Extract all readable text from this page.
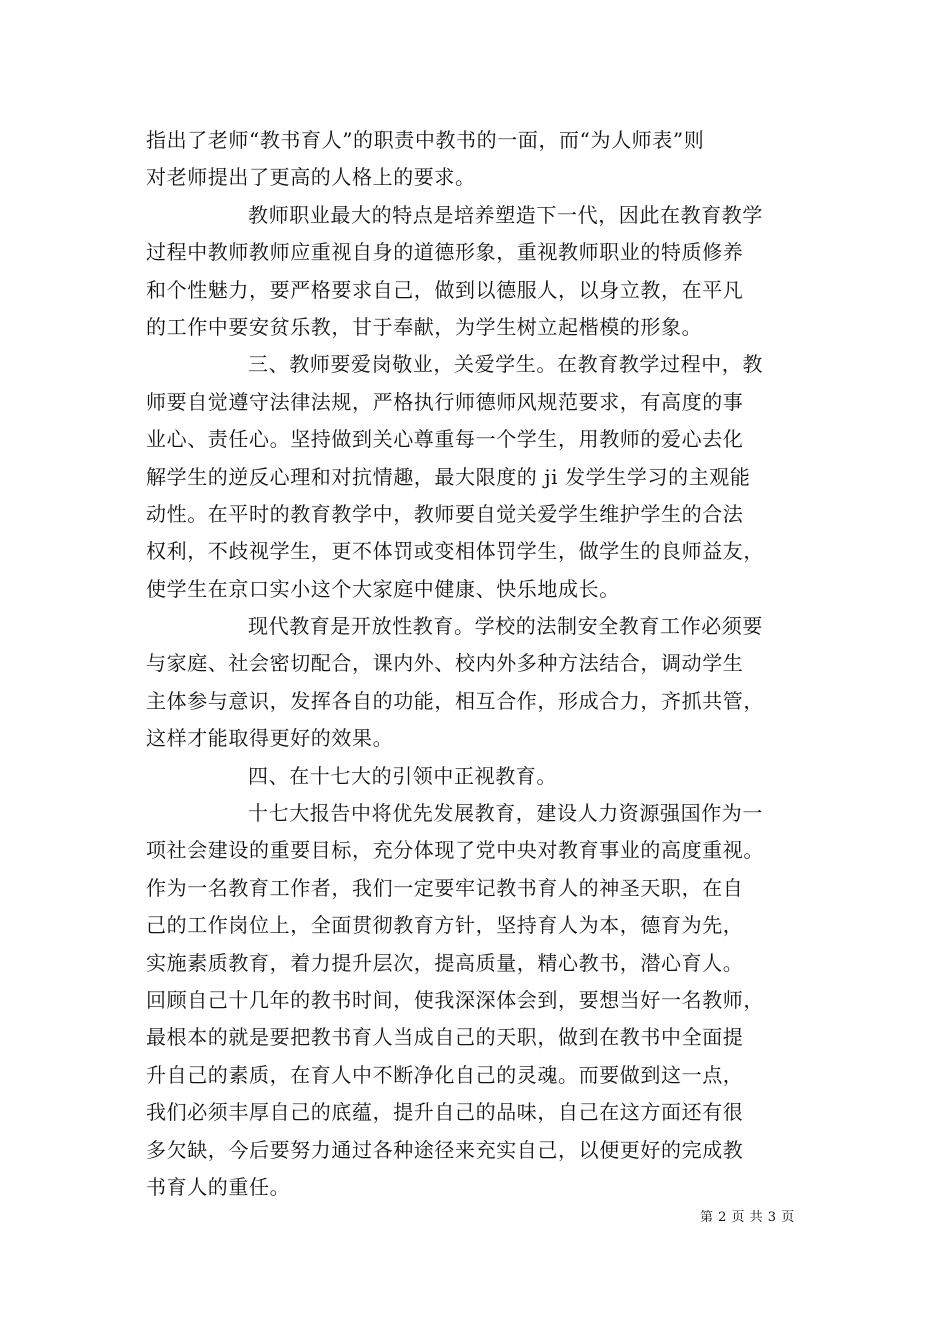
指出了老师“教书育人”的职责中教书的一面，而“为人师表”则
对老师提出了更高的人格上的要求。
教师职业最大的特点是培养塑造下一代，因此在教育教学
过程中教师教师应重视自身的道德形象，重视教师职业的特质修养
和个性魅力，要严格要求自己，做到以德服人，以身立教，在平凡
的工作中要安贫乐教，甘于奉献，为学生树立起楷模的形象。
三、教师要爱岗敬业，关爱学生。在教育教学过程中，教
师要自觉遵守法律法规，严格执行师德师风规范要求，有高度的事
业心、责任心。坚持做到关心尊重每一个学生，用教师的爱心去化
解学生的逆反心理和对抗情趣，最大限度的 ji 发学生学习的主观能
动性。在平时的教育教学中，教师要自觉关爱学生维护学生的合法
权利，不歧视学生，更不体罚或变相体罚学生，做学生的良师益友，
使学生在京口实小这个大家庭中健康、快乐地成长。
现代教育是开放性教育。学校的法制安全教育工作必须要
与家庭、社会密切配合，课内外、校内外多种方法结合，调动学生
主体参与意识，发挥各自的功能，相互合作，形成合力，齐抓共管，
这样才能取得更好的效果。
四、在十七大的引领中正视教育。
十七大报告中将优先发展教育，建设人力资源强国作为一
项社会建设的重要目标，充分体现了党中央对教育事业的高度重视。
作为一名教育工作者，我们一定要牢记教书育人的神圣天职，在自
己的工作岗位上，全面贯彻教育方针，坚持育人为本，德育为先，
实施素质教育，着力提升层次，提高质量，精心教书，潜心育人。
回顾自己十几年的教书时间，使我深深体会到，要想当好一名教师，
最根本的就是要把教书育人当成自己的天职，做到在教书中全面提
升自己的素质，在育人中不断净化自己的灵魂。而要做到这一点，
我们必须丰厚自己的底蕴，提升自己的品味，自己在这方面还有很
多欠缺，今后要努力通过各种途径来充实自己，以便更好的完成教
书育人的重任。
第 2 页 共 3 页
